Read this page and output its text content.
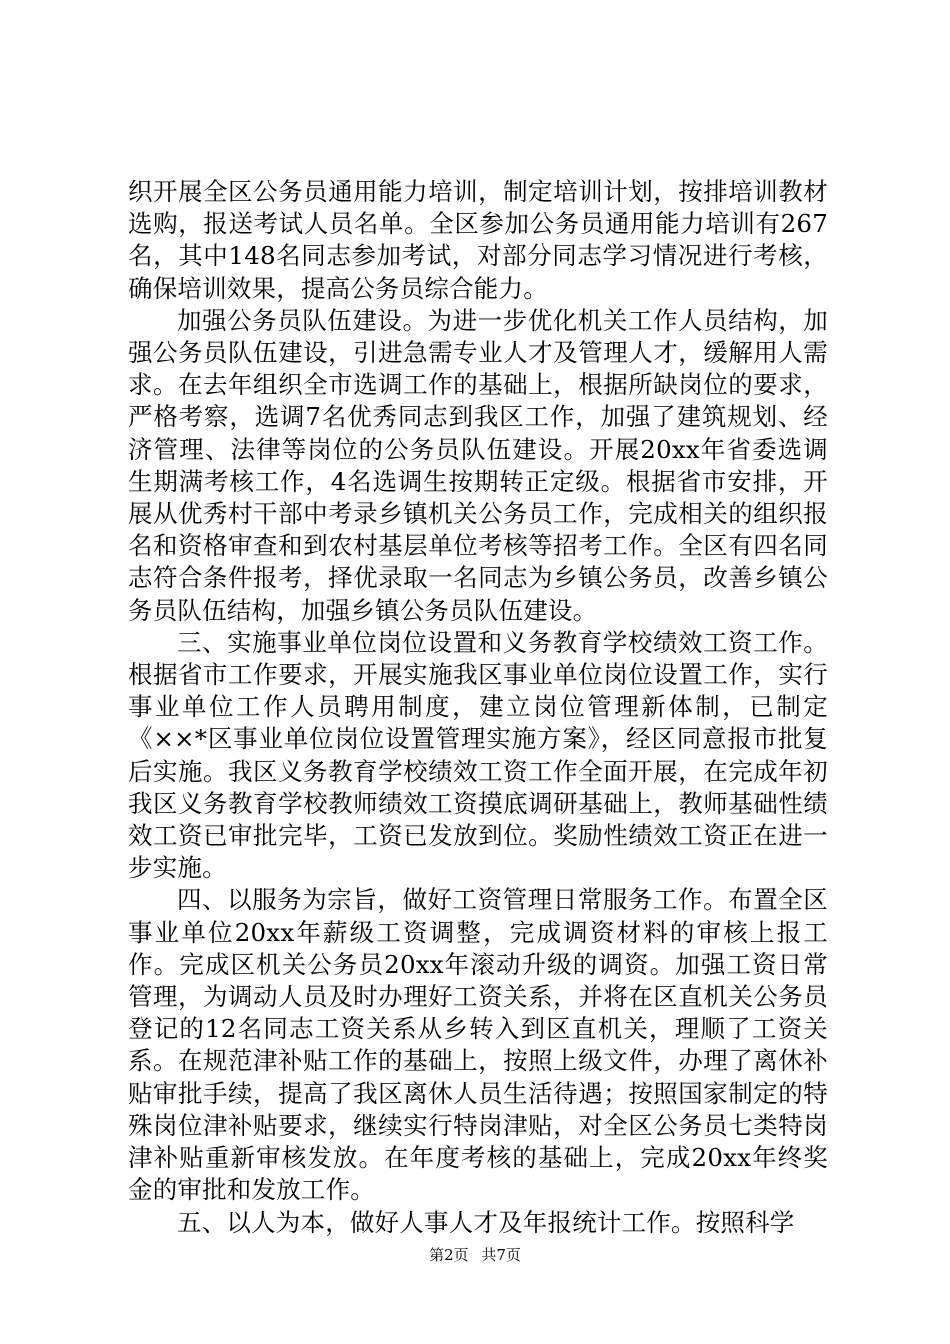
织开展全区公务员通用能力培训，制定培训计划，按排培训教材选购，报送考试人员名单。全区参加公务员通用能力培训有267名，其中148名同志参加考试，对部分同志学习情况进行考核，确保培训效果，提高公务员综合能力。

加强公务员队伍建设。为进一步优化机关工作人员结构，加强公务员队伍建设，引进急需专业人才及管理人才，缓解用人需求。在去年组织全市选调工作的基础上，根据所缺岗位的要求，严格考察，选调7名优秀同志到我区工作，加强了建筑规划、经济管理、法律等岗位的公务员队伍建设。开展20xx年省委选调生期满考核工作，4名选调生按期转正定级。根据省市安排，开展从优秀村干部中考录乡镇机关公务员工作，完成相关的组织报名和资格审查和到农村基层单位考核等招考工作。全区有四名同志符合条件报考，择优录取一名同志为乡镇公务员，改善乡镇公务员队伍结构，加强乡镇公务员队伍建设。

三、实施事业单位岗位设置和义务教育学校绩效工资工作。根据省市工作要求，开展实施我区事业单位岗位设置工作，实行事业单位工作人员聘用制度，建立岗位管理新体制，已制定《××*区事业单位岗位设置管理实施方案》，经区同意报市批复后实施。我区义务教育学校绩效工资工作全面开展，在完成年初我区义务教育学校教师绩效工资摸底调研基础上，教师基础性绩效工资已审批完毕，工资已发放到位。奖励性绩效工资正在进一步实施。

四、以服务为宗旨，做好工资管理日常服务工作。布置全区事业单位20xx年薪级工资调整，完成调资材料的审核上报工作。完成区机关公务员20xx年滚动升级的调资。加强工资日常管理，为调动人员及时办理好工资关系，并将在区直机关公务员登记的12名同志工资关系从乡转入到区直机关，理顺了工资关系。在规范津补贴工作的基础上，按照上级文件，办理了离休补贴审批手续，提高了我区离休人员生活待遇；按照国家制定的特殊岗位津补贴要求，继续实行特岗津贴，对全区公务员七类特岗津补贴重新审核发放。在年度考核的基础上，完成20xx年终奖金的审批和发放工作。

五、以人为本，做好人事人才及年报统计工作。按照科学

第2页 共7页
